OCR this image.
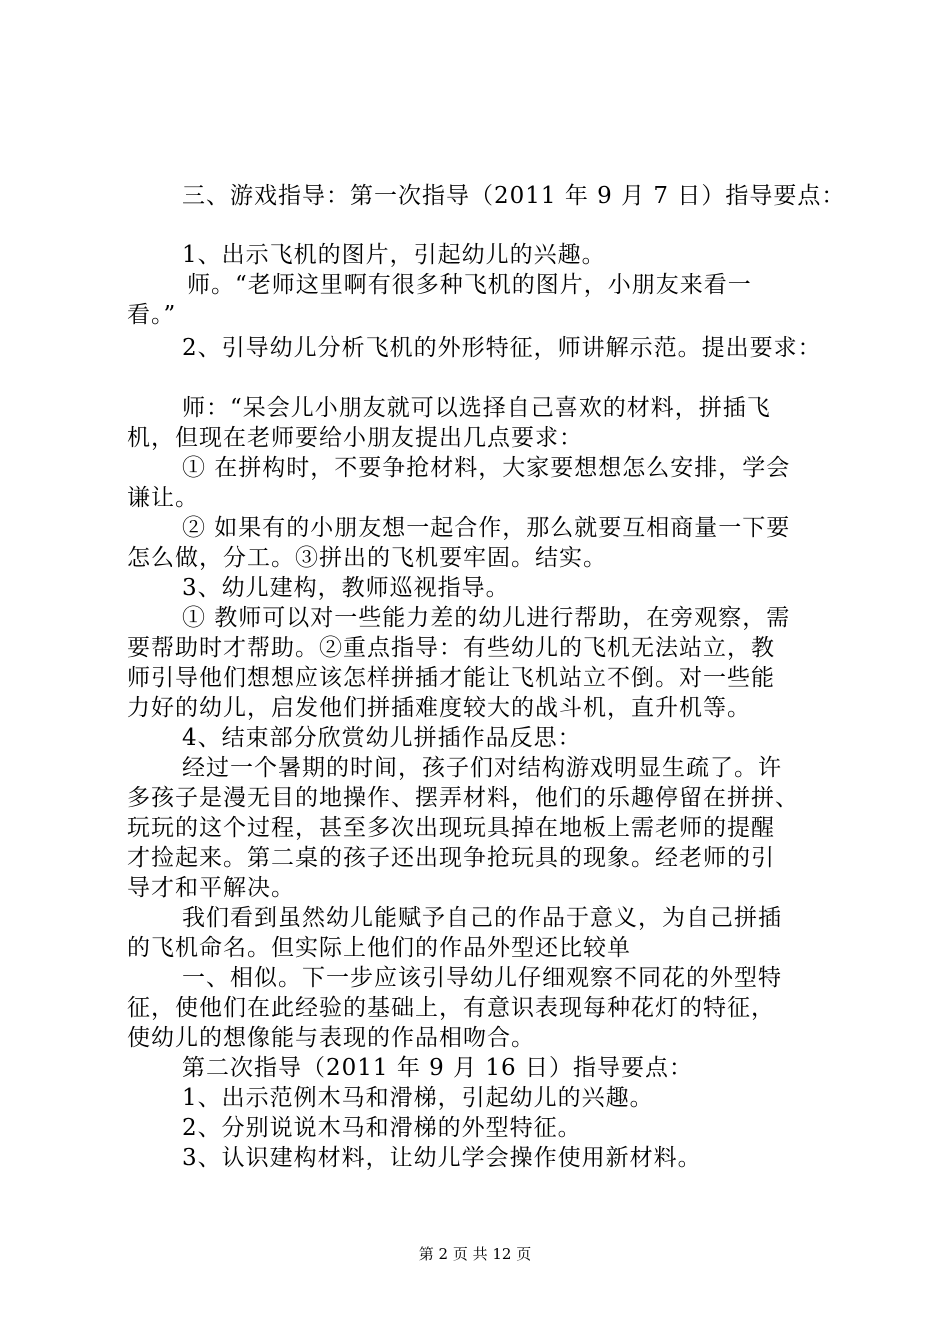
三、游戏指导：第一次指导（2011 年 9 月 7 日）指导要点：
1、出示飞机的图片，引起幼儿的兴趣。
师。“老师这里啊有很多种飞机的图片，小朋友来看一
看。”
2、引导幼儿分析飞机的外形特征，师讲解示范。提出要求：
师：“呆会儿小朋友就可以选择自己喜欢的材料，拼插飞
机，但现在老师要给小朋友提出几点要求：
① 在拼构时，不要争抢材料，大家要想想怎么安排，学会
谦让。
② 如果有的小朋友想一起合作，那么就要互相商量一下要
怎么做，分工。③拼出的飞机要牢固。结实。
3、幼儿建构，教师巡视指导。
① 教师可以对一些能力差的幼儿进行帮助，在旁观察，需
要帮助时才帮助。②重点指导：有些幼儿的飞机无法站立，教
师引导他们想想应该怎样拼插才能让飞机站立不倒。对一些能
力好的幼儿，启发他们拼插难度较大的战斗机，直升机等。
4、结束部分欣赏幼儿拼插作品反思：
经过一个暑期的时间，孩子们对结构游戏明显生疏了。许
多孩子是漫无目的地操作、摆弄材料，他们的乐趣停留在拼拼、
玩玩的这个过程，甚至多次出现玩具掉在地板上需老师的提醒
才捡起来。第二桌的孩子还出现争抢玩具的现象。经老师的引
导才和平解决。
我们看到虽然幼儿能赋予自己的作品于意义，为自己拼插
的飞机命名。但实际上他们的作品外型还比较单
一、相似。下一步应该引导幼儿仔细观察不同花的外型特
征，使他们在此经验的基础上，有意识表现每种花灯的特征，
使幼儿的想像能与表现的作品相吻合。
第二次指导（2011 年 9 月 16 日）指导要点：
1、出示范例木马和滑梯，引起幼儿的兴趣。
2、分别说说木马和滑梯的外型特征。
3、认识建构材料，让幼儿学会操作使用新材料。
第 2 页 共 12 页
